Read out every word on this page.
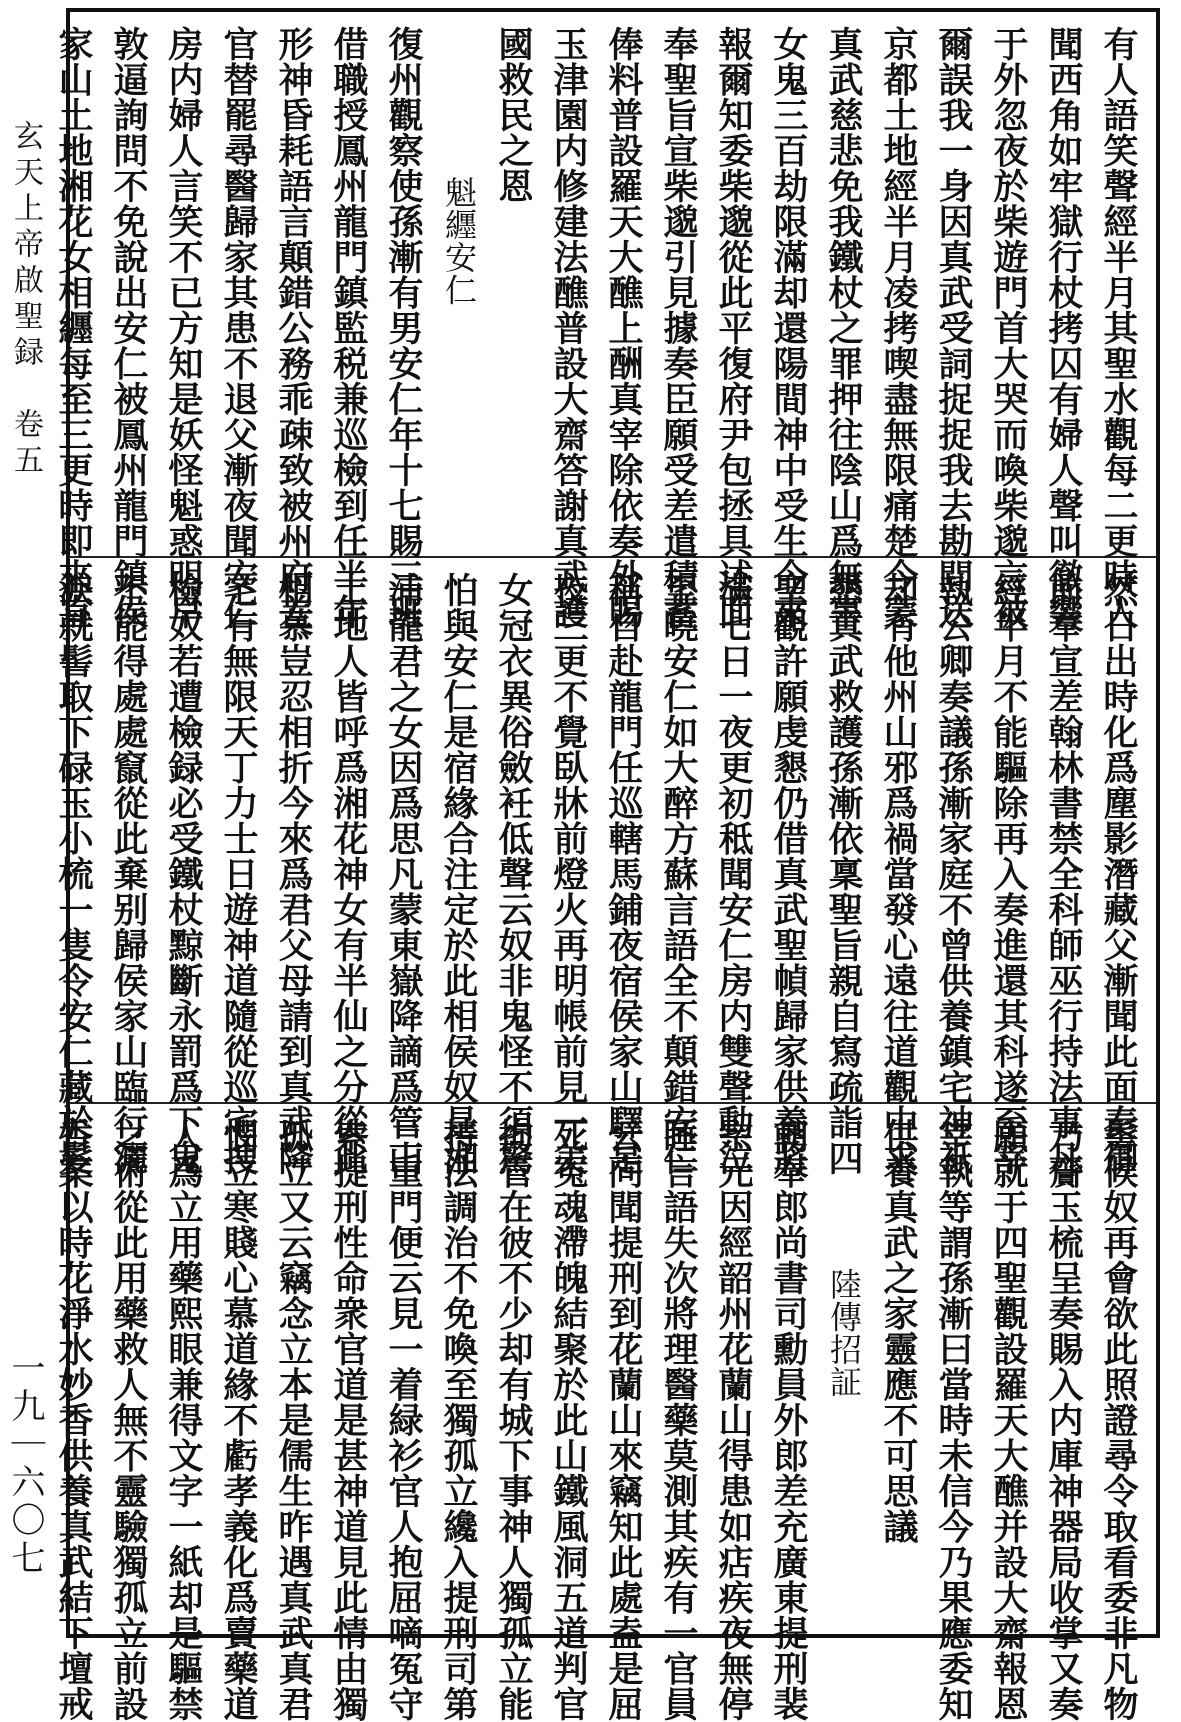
玄天上帝啟聖録　卷五
一九｜六〇七
有人語笑聲經半月其聖水觀每二更時人
聞西角如牢獄行杖拷囚有婦人聲叫徹響
于外忽夜於柴遊門首大哭而喚柴邈言被
爾誤我一身因真武受詞捉捉我去勘問送
京都土地經半月凌拷喫盡無限痛楚今蒙
真武慈悲免我鐵杖之罪押往陰山爲無辜
女鬼三百劫限滿却還陽間神中受生今來
報爾知委柴邈從此平復府尹包拯具述面
奉聖旨宣柴邈引見據奏臣願受差遣積蓄
俸料普設羅天大醮上酬真宰除依奏外賜
玉津園内修建法醮普設大齋答謝真武護
國救民之恩
魁纒安仁
復州觀察使孫漸有男安仁年十七賜三班
借職授鳳州龍門鎮監税兼巡檢到任半年
形神昏耗語言顛錯公務乖疎致被州府差
官替罷尋醫歸家其患不退父漸夜聞安仁
房内婦人言笑不已方知是妖怪魁惑明早
敦逼詢問不免說出安仁被鳳州龍門鎮侯
家山土地湘花女相纒每至三更時即來直
然日出時化爲塵影潛藏父漸聞此面奏御
前奉宣差翰林書禁全科師巫行持法事凡
經半月不能驅除再入奏進還其科遂至宰
執公卿奏議孫漸家庭不曾供養鎮宅神衹
却有他州山邪爲禍當發心遠往道觀中求
懇真武救護孫漸依稟聖旨親自寫疏詣四
聖觀許願虔懇仍借真武聖幀歸家供養將
滿七日一夜更初秪聞安仁房内雙聲動泣
至曉安仁如大醉方蘇言語全不顛錯安仁
稱自赴龍門任巡轄馬鋪夜宿侯家山驛是
夜三更不覺臥牀前燈火再明帳前見一美
女冠衣異俗斂衽低聲云奴非鬼怪不須驚
怕與安仁是宿緣合注定於此相侯奴是湘
浦龍君之女因爲思凡蒙東嶽降謫爲管山
土地人皆呼爲湘花神女有半仙之分從此
相慕豈忍相折今來爲君父母請到真武降
宅有無限天丁力士日遊神道隨從巡宅捜
檢奴若遭檢録必受鐵杖黥斷永罰爲下鬼
不能得處處竄從此棄别歸侯家山臨行灑
淚就髻取下碌玉小梳一隻令安仁藏於髮
髻候奴再會欲此照證尋令取看委非凡物
乃齎玉梳呈奏賜入内庫神器局收掌又奏
願就于四聖觀設羅天大醮并設大齋報恩
宰執等謂孫漸曰當時未信今乃果應委知
供養真武之家靈應不可思議
陸傳招証
朝奉郎尚書司勳員外郎差充廣東提刑裴
宗元因經韶州花蘭山得患如痁疾夜無停
睡言語失次將理醫藥莫測其疾有一官員
云向聞提刑到花蘭山來竊知此處盍是屈
死冤魂滯魄結聚於此山鐵風洞五道判官
拘管在彼不少却有城下事神人獨孤立能
持法調治不免喚至獨孤立纔入提刑司第
二重門便云見一着緑衫官人抱屈嘀冤守
索提刑性命衆官道是甚神道見此情由獨
孤立又云竊念立本是儒生昨遇真武真君
憫立寒賤心慕道緣不虧孝義化爲賣藥道
人爲立用藥熙眼兼得文字一紙却是驅禁
之術從此用藥救人無不靈驗獨孤立前設
香案以時花淨水妙香供養真武結下壇戒
